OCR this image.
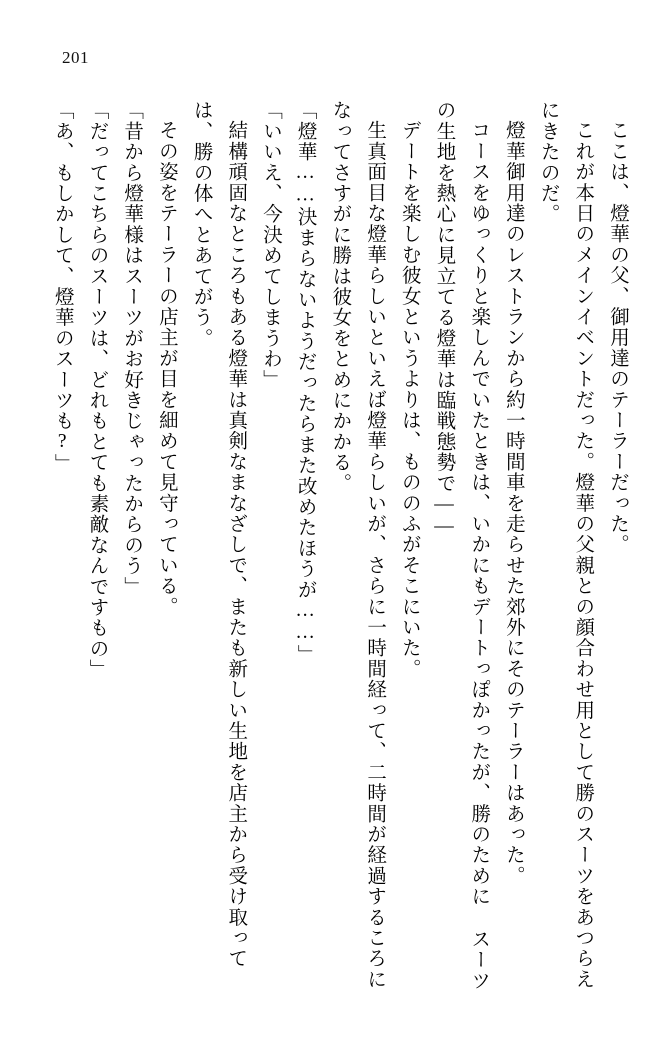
201

ここは、燈華の父、御用達のテーラーだった。

これが本日のメインイベントだった。燈華の父親との顔合わせ用として勝のスーツをあつらえにきたのだ。

燈華御用達のレストランから約一時間車を走らせた郊外にそのテーラーはあった。

コースをゆっくりと楽しんでいたときは、いかにもデートっぽかったが、勝のために スーツの生地を熱心に見立てる燈華は臨戦態勢で――

デートを楽しむ彼女というよりは、もののふがそこにいた。

生真面目な燈華らしいといえば燈華らしいが、さらに一時間経って、二時間が経過するころになってさすがに勝は彼女をとめにかかる。

「燈華……決まらないようだったらまた改めたほうが……」

「いいえ、今決めてしまうわ」

結構頑固なところもある燈華は真剣なまなざしで、またも新しい生地を店主から受け取っては、勝の体へとあてがう。

その姿をテーラーの店主が目を細めて見守っている。

「昔から燈華様はスーツがお好きじゃったからのう」

「だってこちらのスーツは、どれもとても素敵なんですもの」

「あ、もしかして、燈華のスーツも?」
